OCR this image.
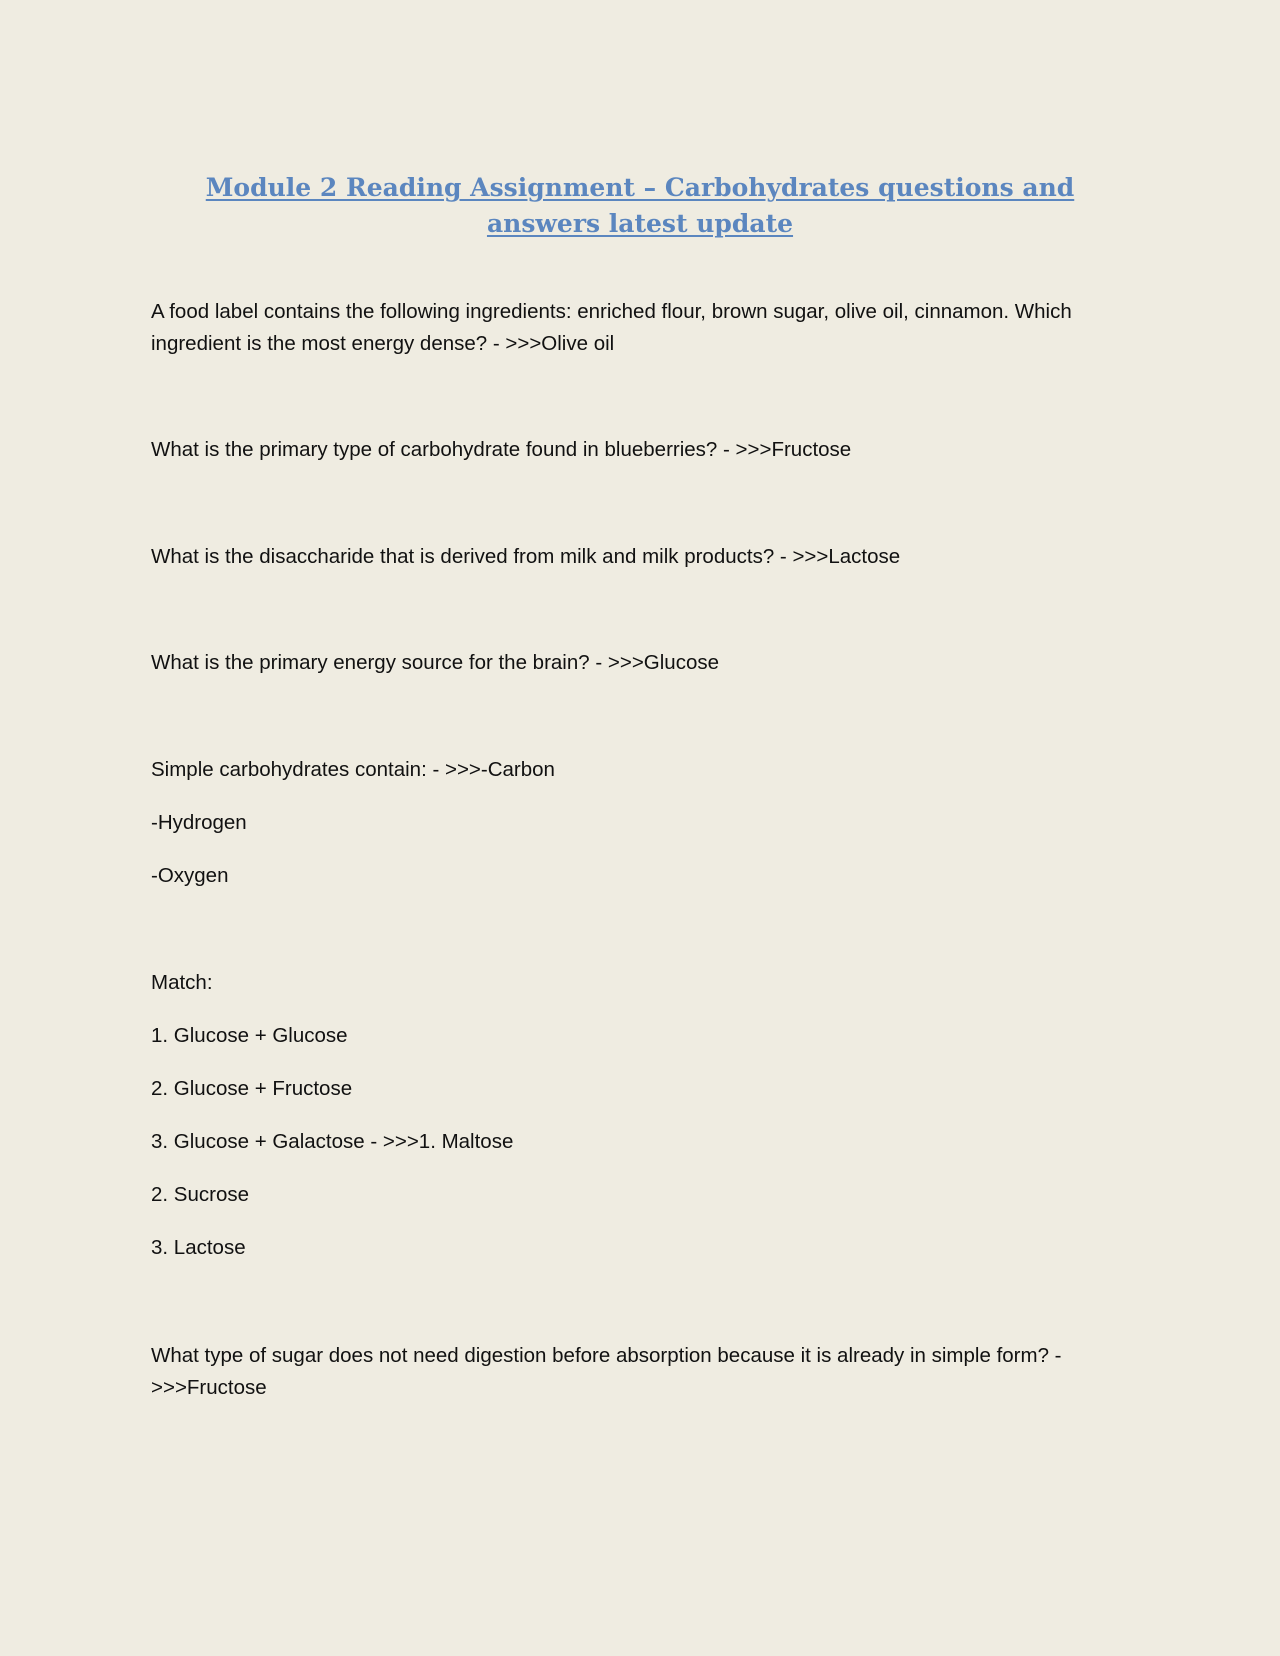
Module 2 Reading Assignment – Carbohydrates questions and answers latest update

A food label contains the following ingredients: enriched flour, brown sugar, olive oil, cinnamon. Which ingredient is the most energy dense? - >>>Olive oil

What is the primary type of carbohydrate found in blueberries? - >>>Fructose

What is the disaccharide that is derived from milk and milk products? - >>>Lactose

What is the primary energy source for the brain? - >>>Glucose

Simple carbohydrates contain: - >>>-Carbon

-Hydrogen

-Oxygen

Match:

1. Glucose + Glucose

2. Glucose + Fructose

3. Glucose + Galactose - >>>1. Maltose

2. Sucrose

3. Lactose

What type of sugar does not need digestion before absorption because it is already in simple form? - >>>Fructose
